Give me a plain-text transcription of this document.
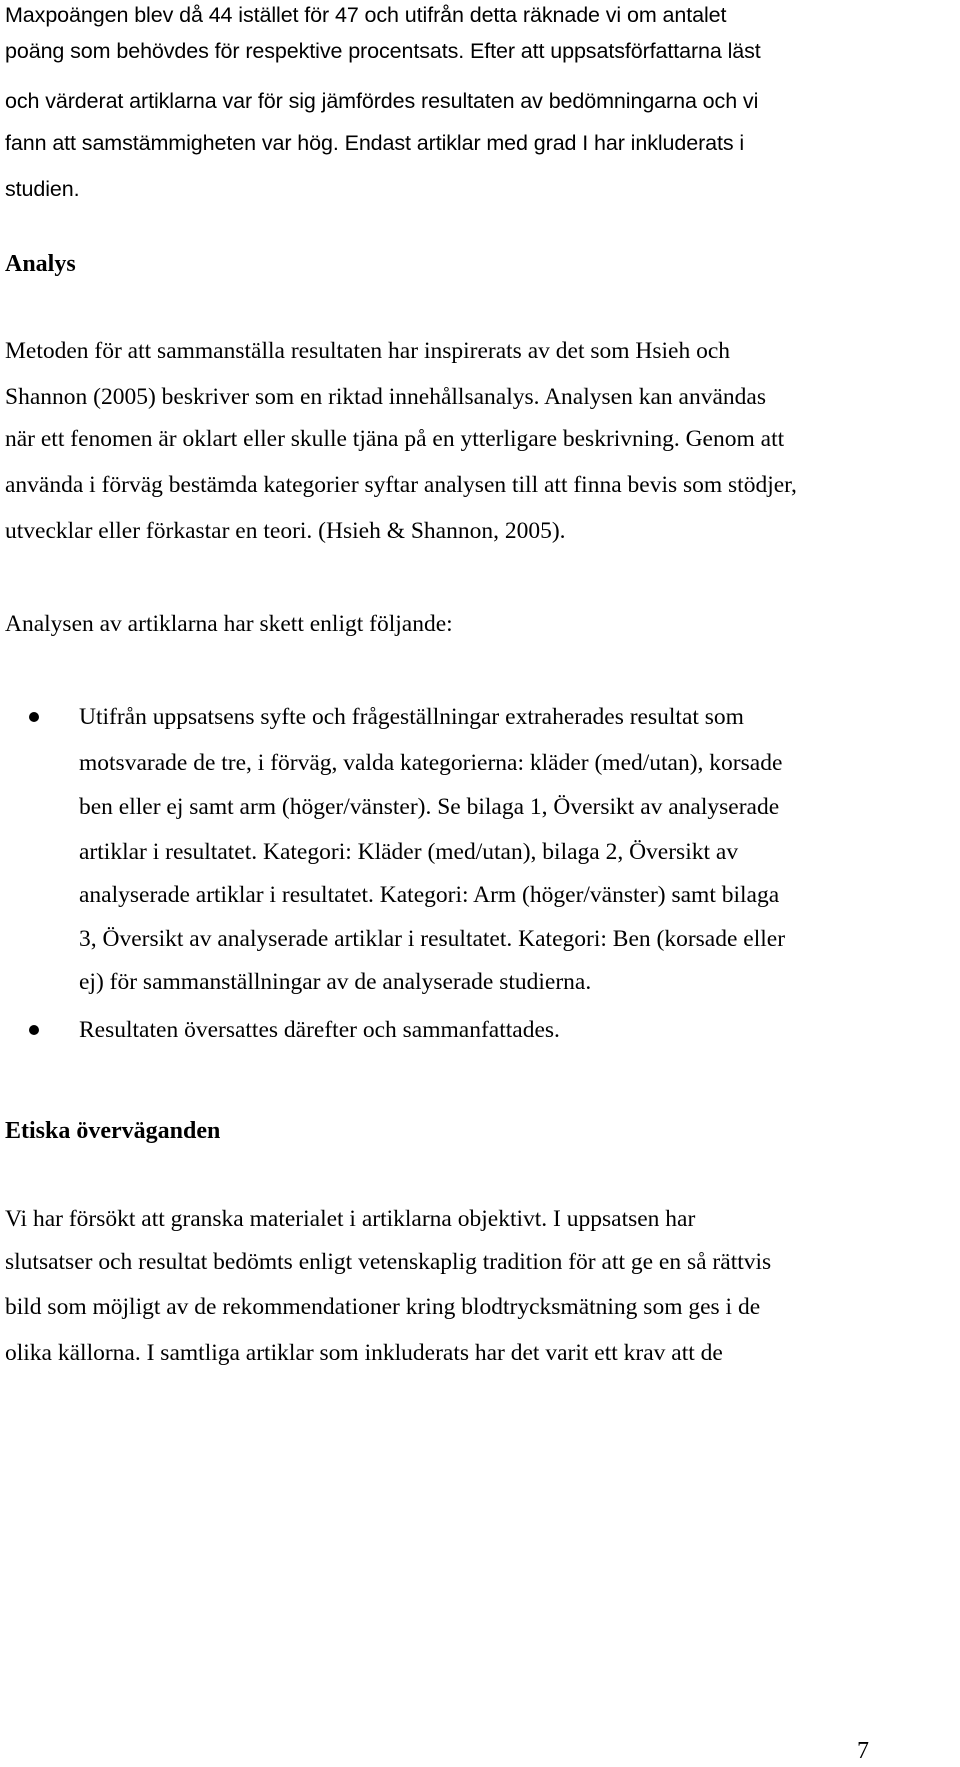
Maxpoängen blev då 44 istället för 47 och utifrån detta räknade vi om antalet

poäng som behövdes för respektive procentsats. Efter att uppsatsförfattarna läst

och värderat artiklarna var för sig jämfördes resultaten av bedömningarna och vi

fann att samstämmigheten var hög. Endast artiklar med grad I har inkluderats i

studien.

Analys

Metoden för att sammanställa resultaten har inspirerats av det som Hsieh och

Shannon (2005) beskriver som en riktad innehållsanalys. Analysen kan användas

när ett fenomen är oklart eller skulle tjäna på en ytterligare beskrivning. Genom att

använda i förväg bestämda kategorier syftar analysen till att finna bevis som stödjer,

utvecklar eller förkastar en teori. (Hsieh & Shannon, 2005).

Analysen av artiklarna har skett enligt följande:

Utifrån uppsatsens syfte och frågeställningar extraherades resultat som

motsvarade de tre, i förväg, valda kategorierna: kläder (med/utan), korsade

ben eller ej samt arm (höger/vänster). Se bilaga 1, Översikt av analyserade

artiklar i resultatet. Kategori: Kläder (med/utan), bilaga 2, Översikt av

analyserade artiklar i resultatet. Kategori: Arm (höger/vänster) samt bilaga

3, Översikt av analyserade artiklar i resultatet. Kategori: Ben (korsade eller

ej) för sammanställningar av de analyserade studierna.

Resultaten översattes därefter och sammanfattades.

Etiska överväganden

Vi har försökt att granska materialet i artiklarna objektivt. I uppsatsen har

slutsatser och resultat bedömts enligt vetenskaplig tradition för att ge en så rättvis

bild som möjligt av de rekommendationer kring blodtrycksmätning som ges i de

olika källorna. I samtliga artiklar som inkluderats har det varit ett krav att de

7
